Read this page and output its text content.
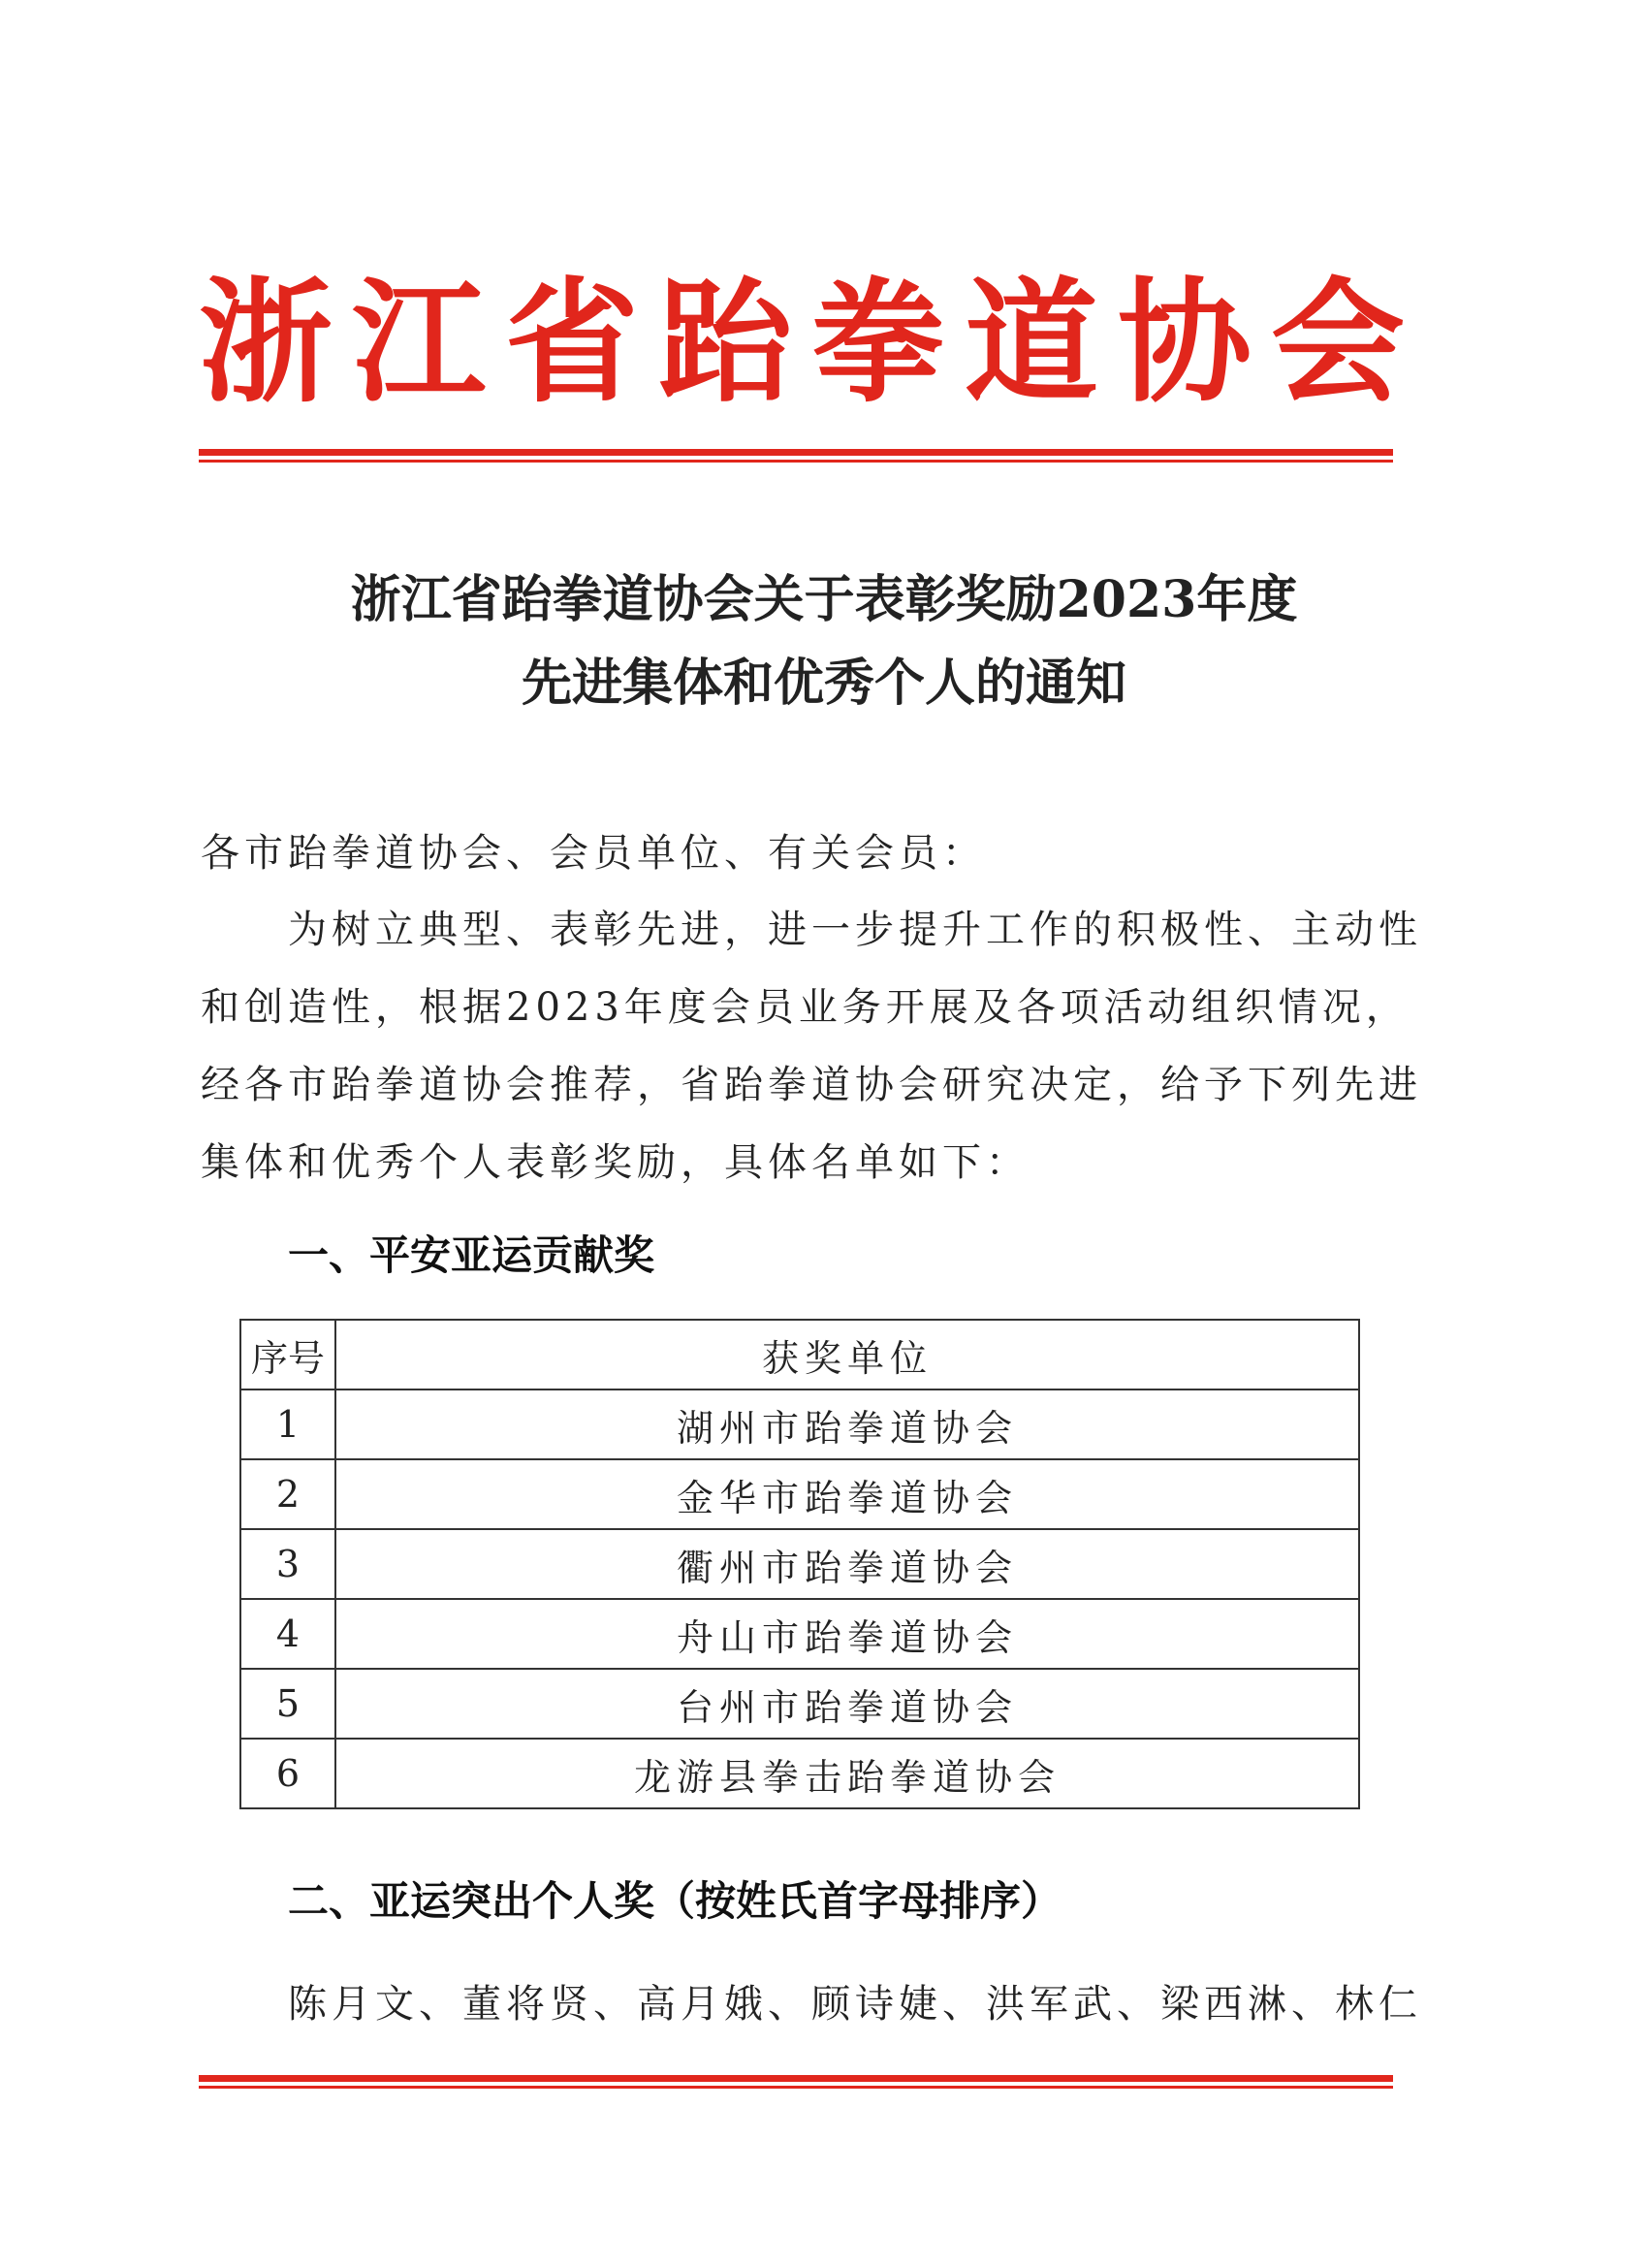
浙江省跆拳道协会
浙江省跆拳道协会关于表彰奖励2023年度
先进集体和优秀个人的通知
各市跆拳道协会、会员单位、有关会员：
为树立典型、表彰先进，进一步提升工作的积极性、主动性
和创造性，根据2023年度会员业务开展及各项活动组织情况，
经各市跆拳道协会推荐，省跆拳道协会研究决定，给予下列先进
集体和优秀个人表彰奖励，具体名单如下：
一、平安亚运贡献奖
序号	获奖单位
1	湖州市跆拳道协会
2	金华市跆拳道协会
3	衢州市跆拳道协会
4	舟山市跆拳道协会
5	台州市跆拳道协会
6	龙游县拳击跆拳道协会
二、亚运突出个人奖（按姓氏首字母排序）
陈月文、董将贤、高月娥、顾诗婕、洪军武、梁西淋、林仁
